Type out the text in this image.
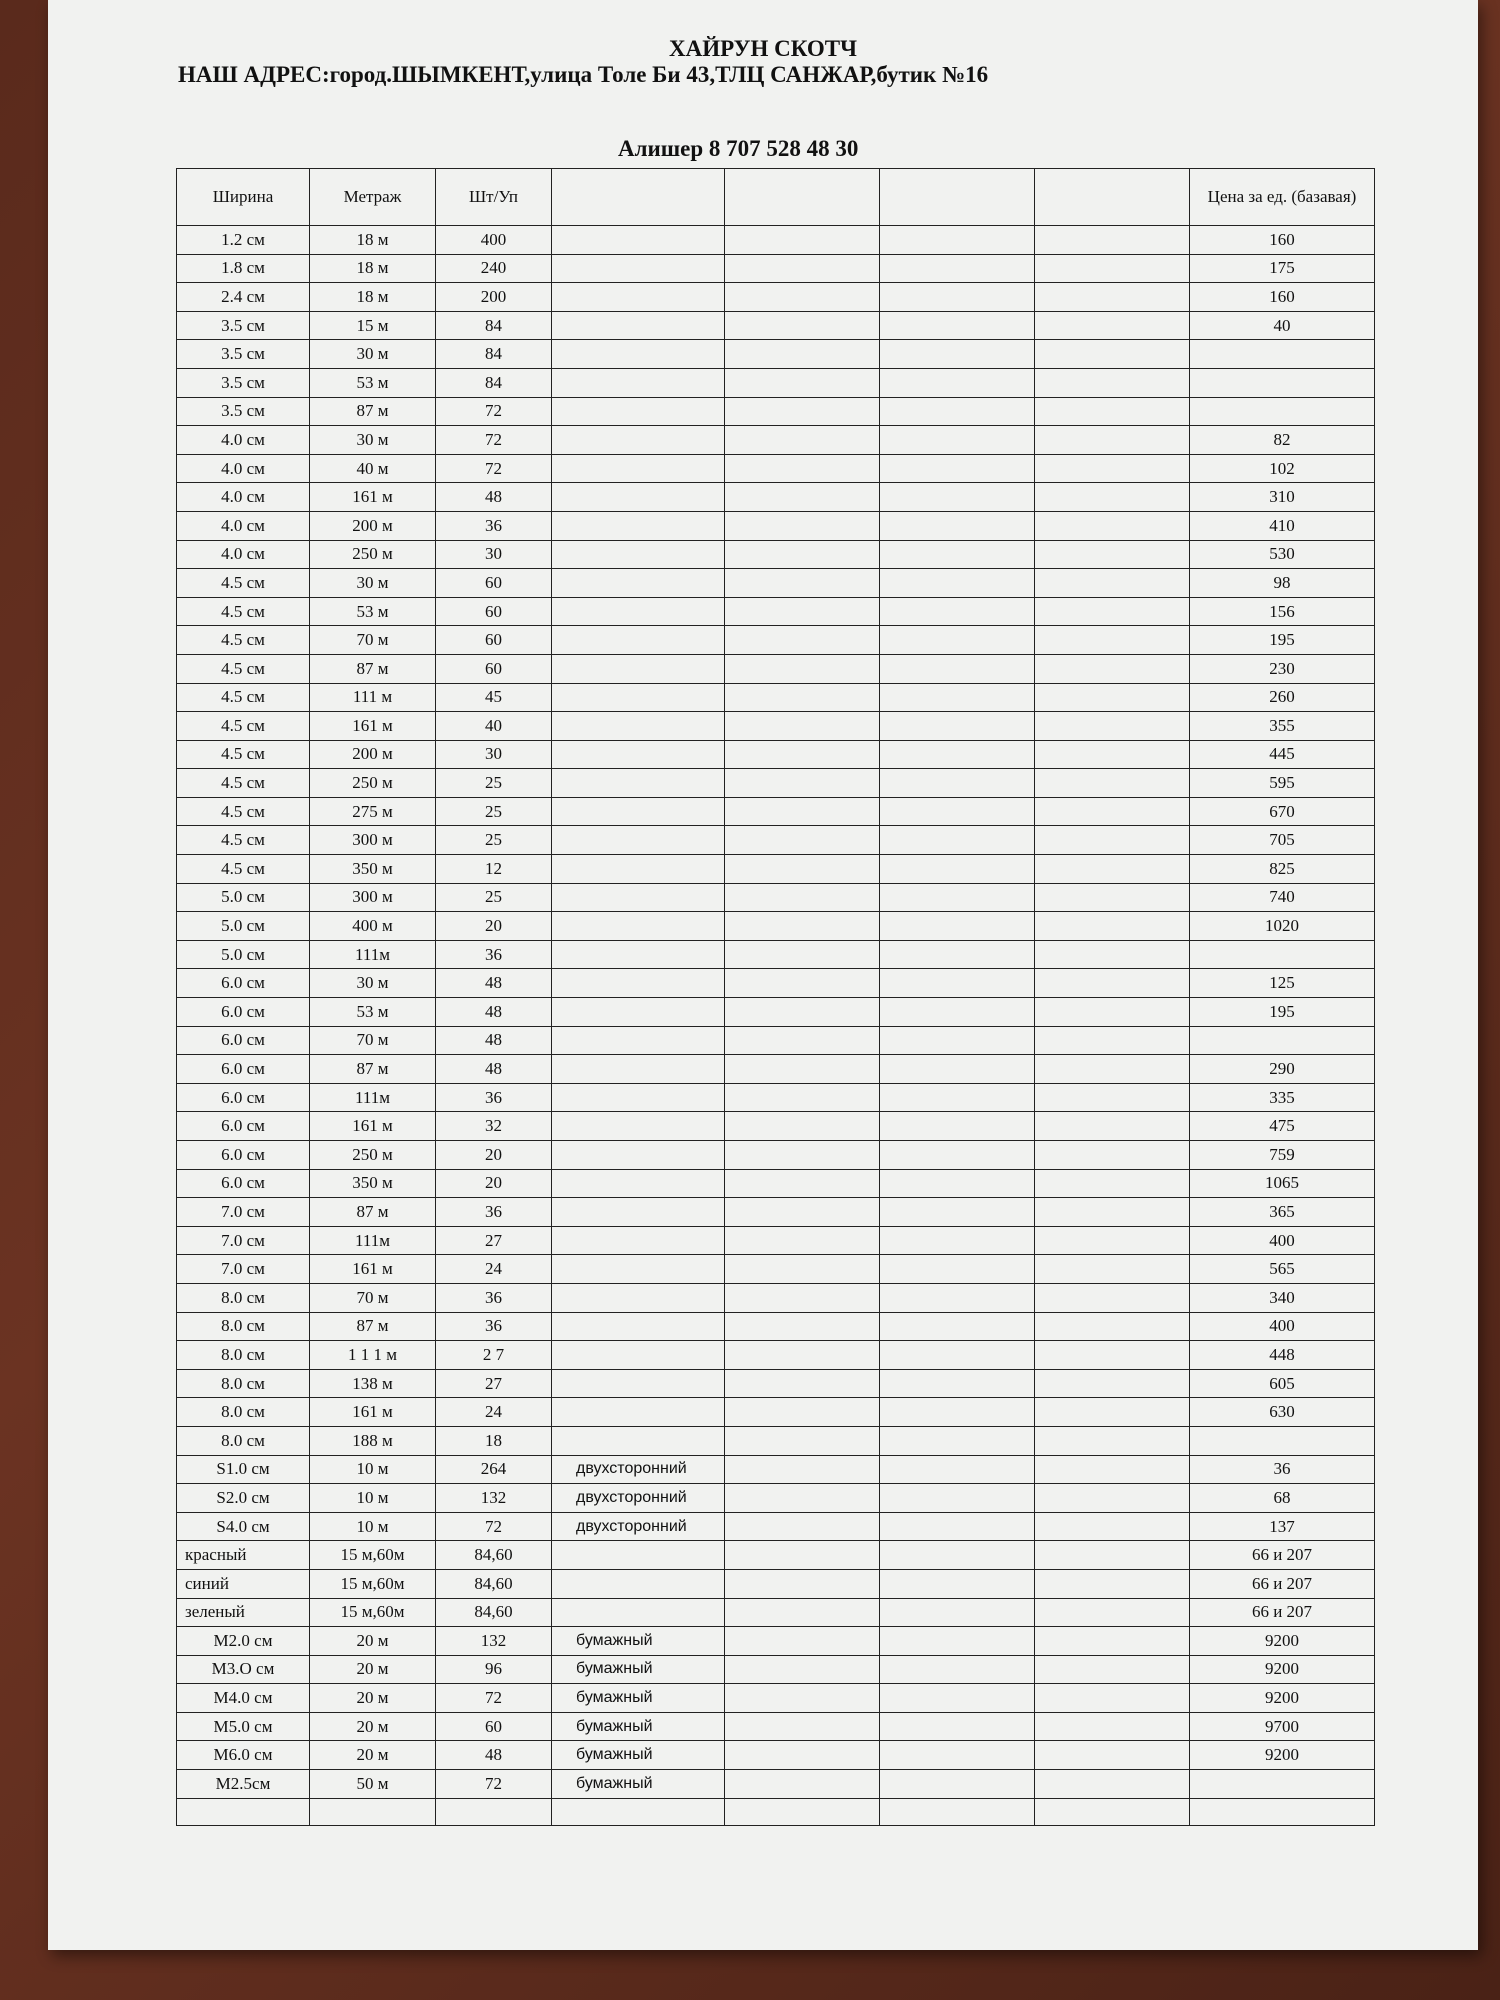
ХАЙРУН СКОТЧ
НАШ АДРЕС:город.ШЫМКЕНТ,улица Толе Би 43,ТЛЦ САНЖАР,бутик №16
Алишер 8 707 528 48 30
Ширина	Метраж	Шт/Уп					Цена за ед. (базавая)
1.2 см	18 м	400					160
1.8 см	18 м	240					175
2.4 см	18 м	200					160
3.5 см	15 м	84					40
3.5 см	30 м	84					
3.5 см	53 м	84					
3.5 см	87 м	72					
4.0 см	30 м	72					82
4.0 см	40 м	72					102
4.0 см	161 м	48					310
4.0 см	200 м	36					410
4.0 см	250 м	30					530
4.5 см	30 м	60					98
4.5 см	53 м	60					156
4.5 см	70 м	60					195
4.5 см	87 м	60					230
4.5 см	111 м	45					260
4.5 см	161 м	40					355
4.5 см	200 м	30					445
4.5 см	250 м	25					595
4.5 см	275 м	25					670
4.5 см	300 м	25					705
4.5 см	350 м	12					825
5.0 см	300 м	25					740
5.0 см	400 м	20					1020
5.0 см	111м	36					
6.0 см	30 м	48					125
6.0 см	53 м	48					195
6.0 см	70 м	48					
6.0 см	87 м	48					290
6.0 см	111м	36					335
6.0 см	161 м	32					475
6.0 см	250 м	20					759
6.0 см	350 м	20					1065
7.0 см	87 м	36					365
7.0 см	111м	27					400
7.0 см	161 м	24					565
8.0 см	70 м	36					340
8.0 см	87 м	36					400
8.0 см	1 1 1 м	2 7					448
8.0 см	138 м	27					605
8.0 см	161 м	24					630
8.0 см	188 м	18					
S1.0 см	10 м	264	двухсторонний				36
S2.0 см	10 м	132	двухсторонний				68
S4.0 см	10 м	72	двухсторонний				137
красный	15 м,60м	84,60					66 и 207
синий	15 м,60м	84,60					66 и 207
зеленый	15 м,60м	84,60					66 и 207
M2.0 см	20 м	132	бумажный				9200
M3.O см	20 м	96	бумажный				9200
M4.0 см	20 м	72	бумажный				9200
M5.0 см	20 м	60	бумажный				9700
M6.0 см	20 м	48	бумажный				9200
M2.5см	50 м	72	бумажный				
